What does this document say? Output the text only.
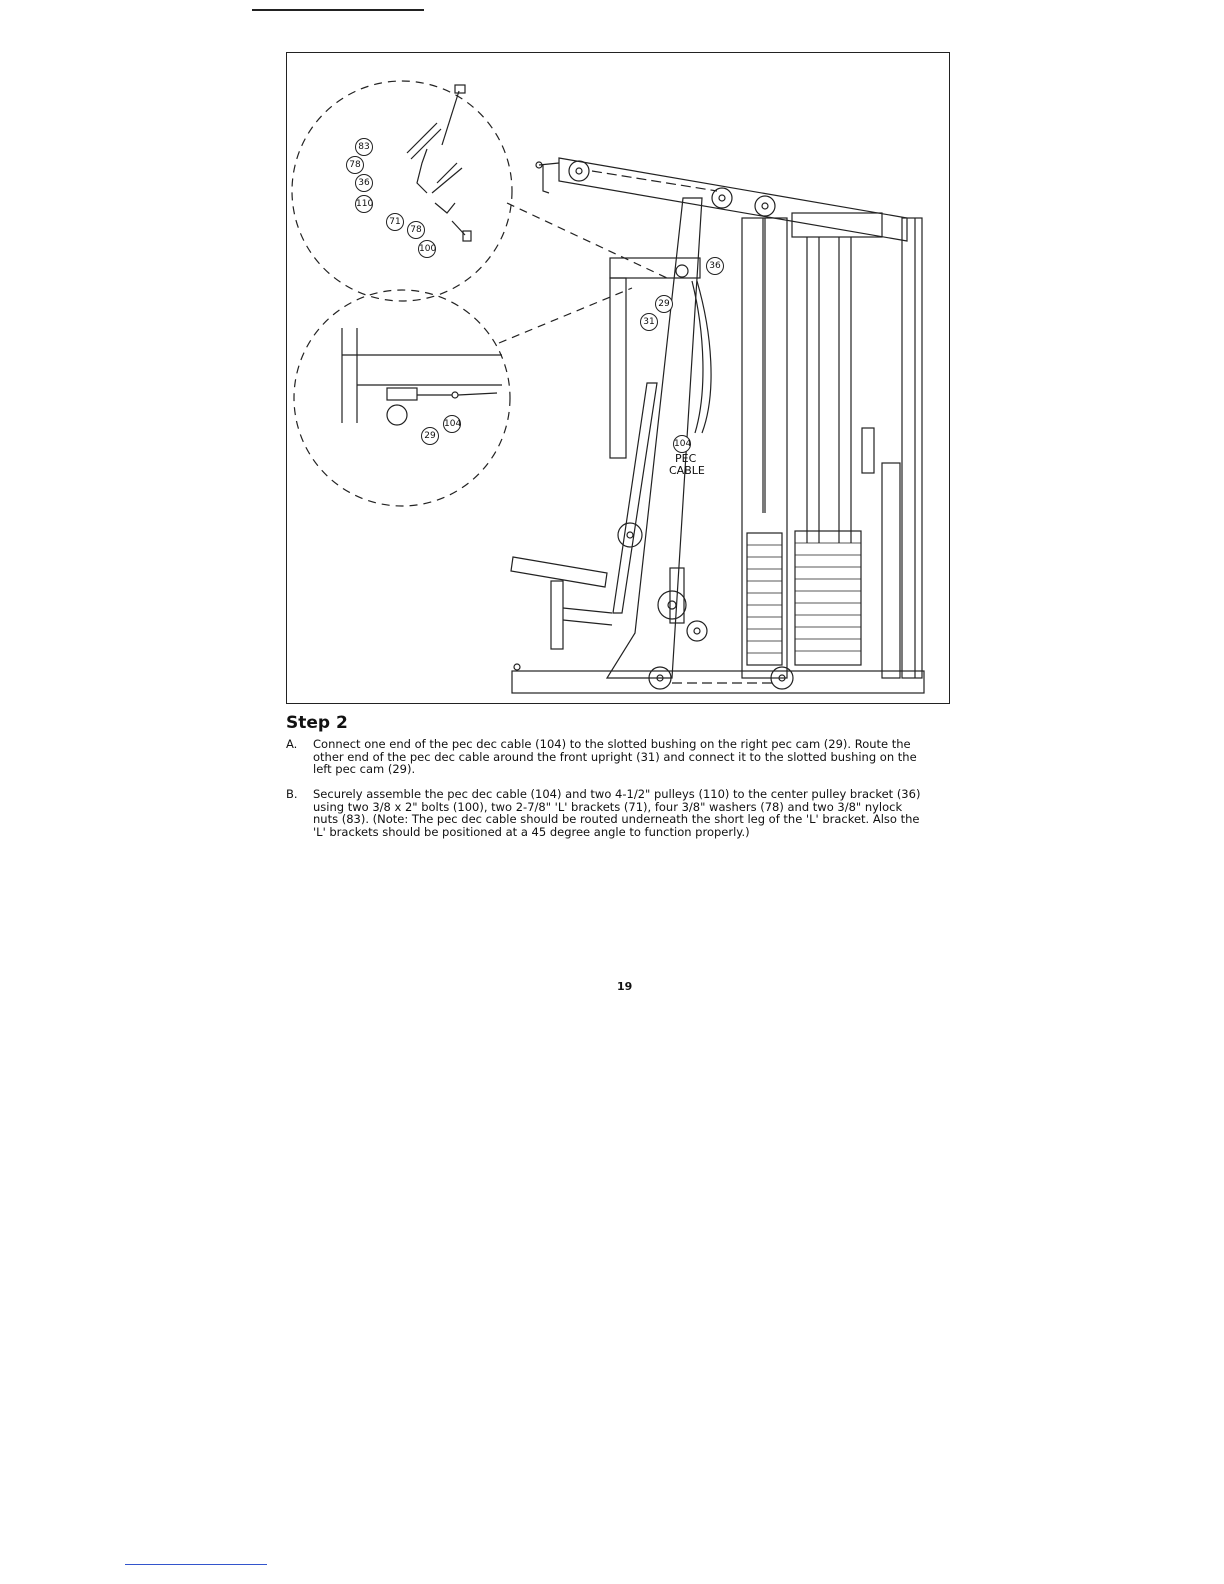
83
78
36
110
71
78
100
36
29
31
104
29
104
PEC
CABLE
Step 2
A. Connect one end of the pec dec cable (104) to the slotted bushing on the right pec cam (29). Route the other end of the pec dec cable around the front upright (31) and connect it to the slotted bushing on the left pec cam (29).
B. Securely assemble the pec dec cable (104) and two 4-1/2" pulleys (110) to the center pulley bracket (36) using two 3/8 x 2" bolts (100), two 2-7/8" 'L' brackets (71), four 3/8" washers (78) and two 3/8" nylock nuts (83). (Note: The pec dec cable should be routed underneath the short leg of the 'L' bracket. Also the 'L' brackets should be positioned at a 45 degree angle to function properly.)
19
